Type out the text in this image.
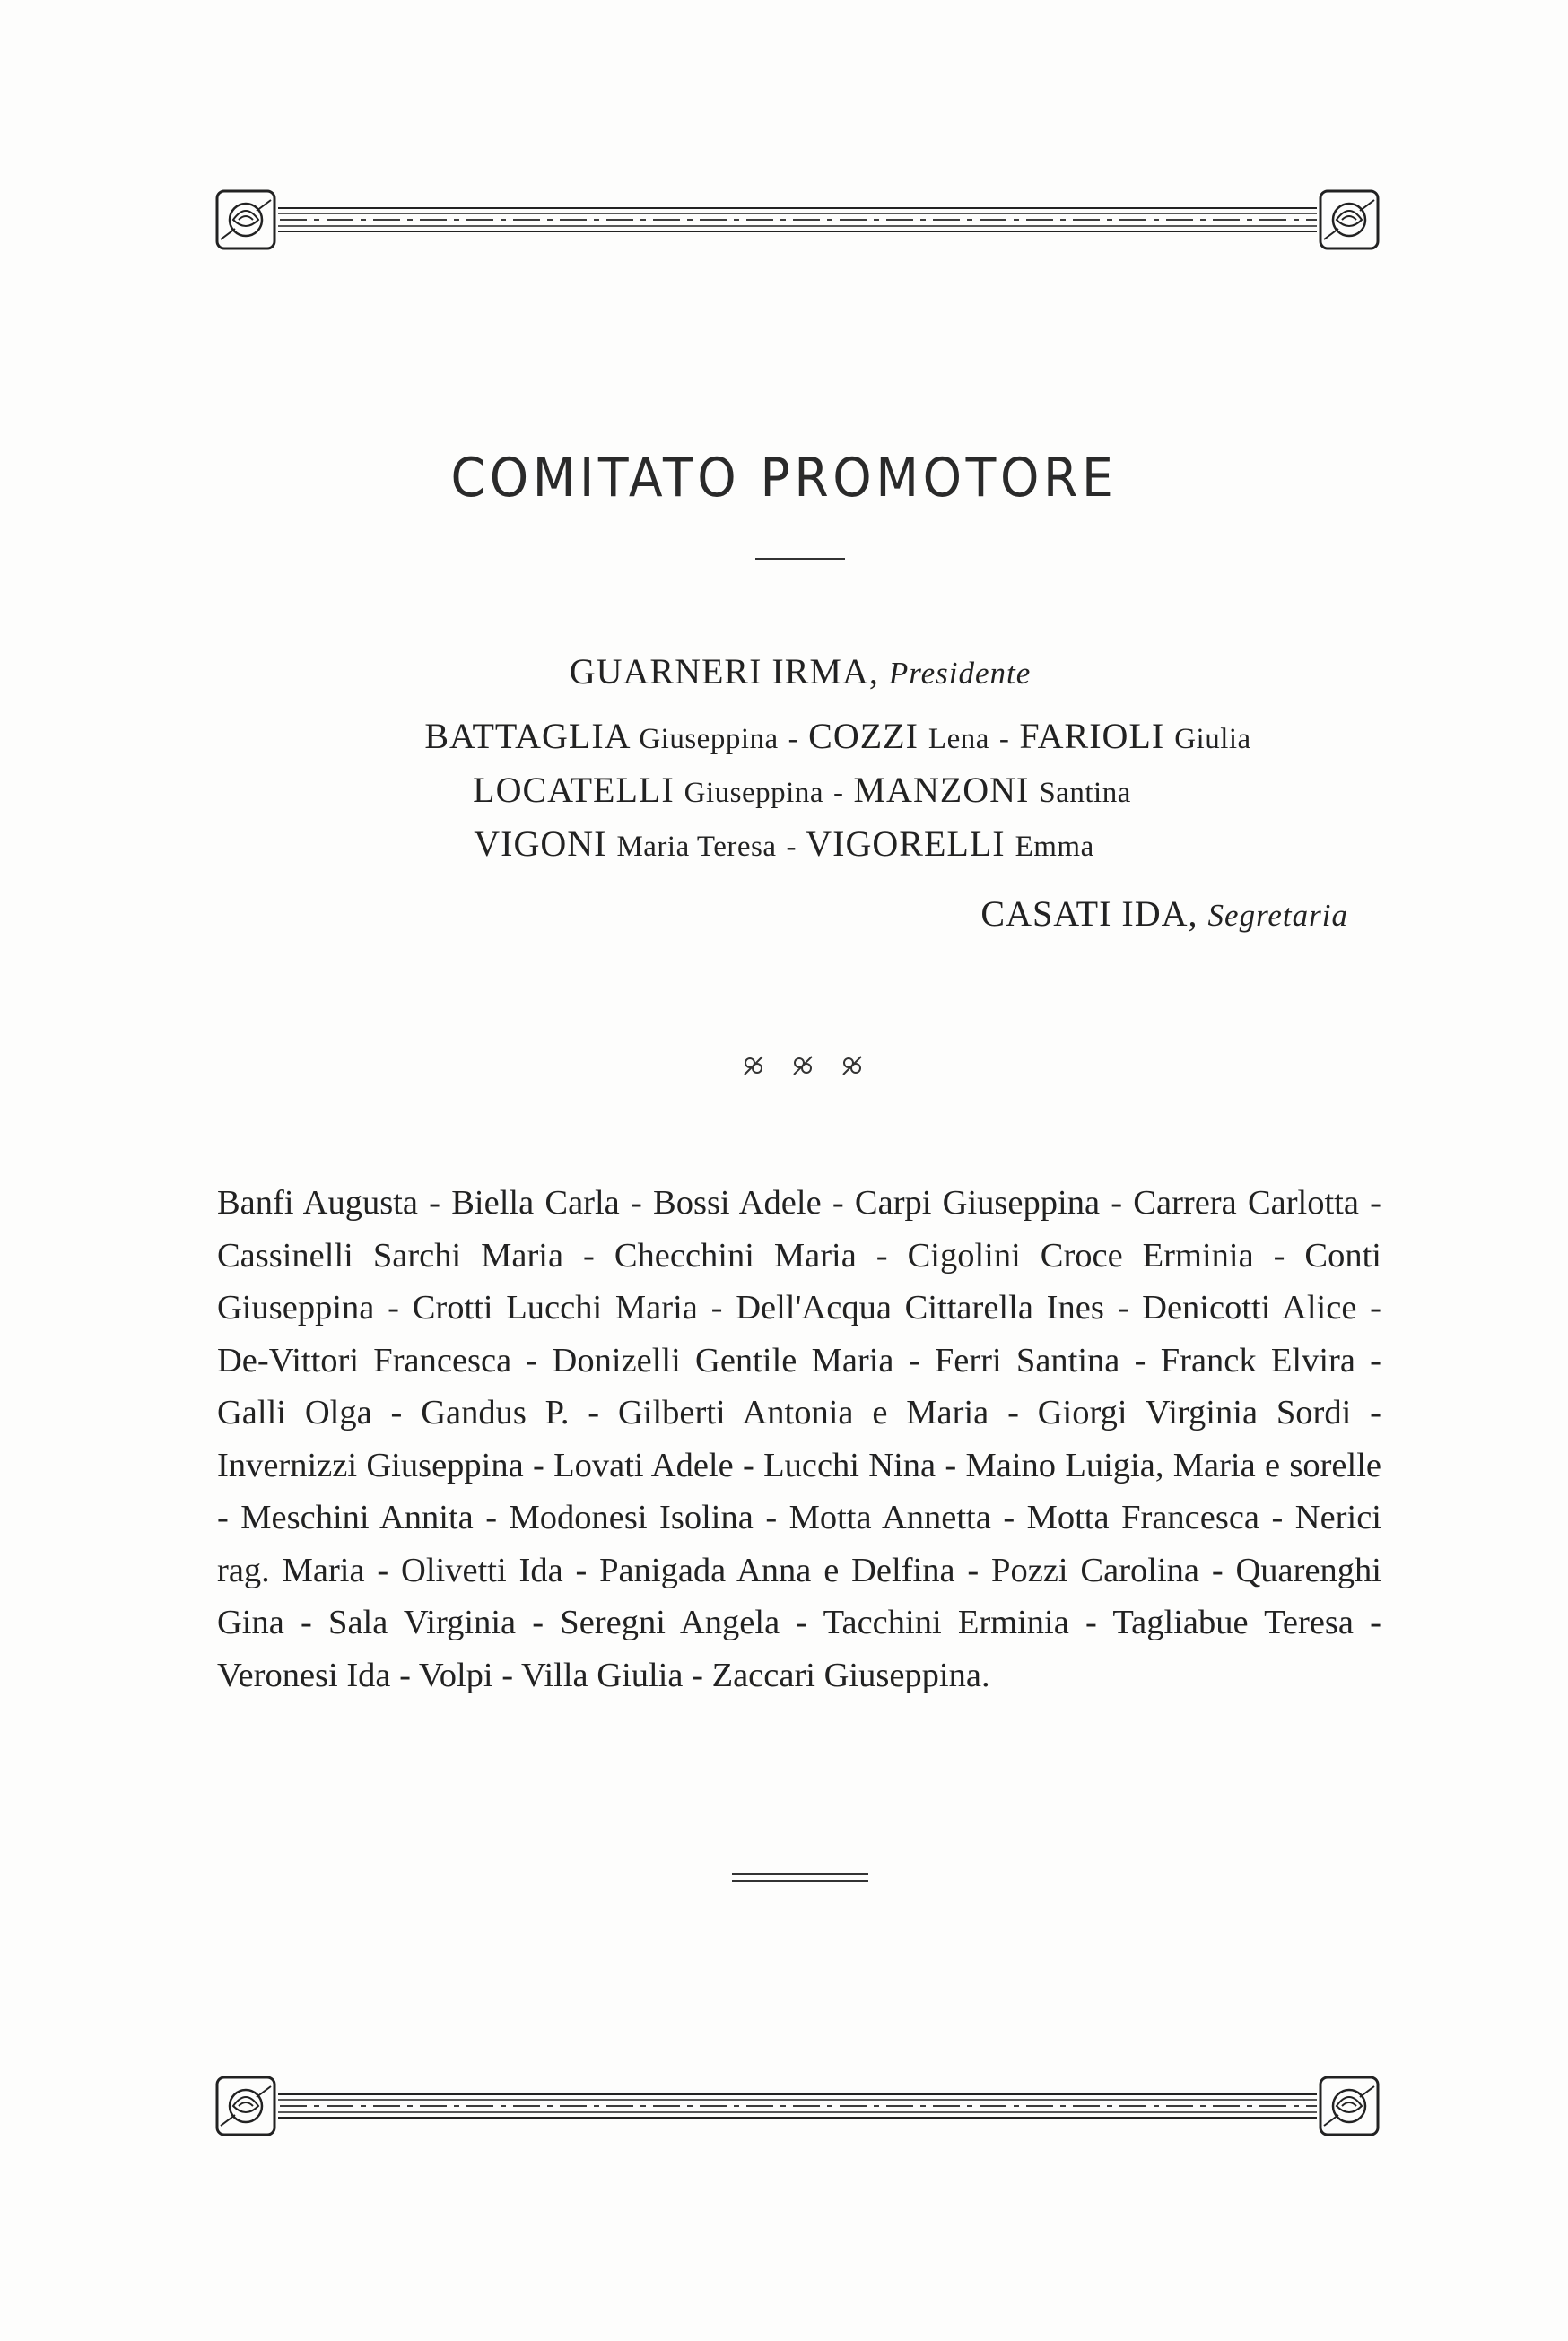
COMITATO PROMOTORE
GUARNERI IRMA, Presidente
BATTAGLIA Giuseppina - COZZI Lena - FARIOLI Giulia
LOCATELLI Giuseppina - MANZONI Santina
VIGONI Maria Teresa - VIGORELLI Emma
CASATI IDA, Segretaria
Banfi Augusta - Biella Carla - Bossi Adele - Carpi Giuseppina - Carrera Carlotta - Cassinelli Sarchi Maria - Checchini Maria - Cigolini Croce Erminia - Conti Giuseppina - Crotti Lucchi Maria - Dell'Acqua Cittarella Ines - Denicotti Alice - De-Vittori Francesca - Donizelli Gentile Maria - Ferri Santina - Franck Elvira - Galli Olga - Gandus P. - Gilberti Antonia e Maria - Giorgi Virginia Sordi - Invernizzi Giuseppina - Lovati Adele - Lucchi Nina - Maino Luigia, Maria e sorelle - Meschini Annita - Modonesi Isolina - Motta Annetta - Motta Francesca - Nerici rag. Maria - Olivetti Ida - Panigada Anna e Delfina - Pozzi Carolina - Quarenghi Gina - Sala Virginia - Seregni Angela - Tacchini Erminia - Tagliabue Teresa - Veronesi Ida - Volpi - Villa Giulia - Zaccari Giuseppina.
